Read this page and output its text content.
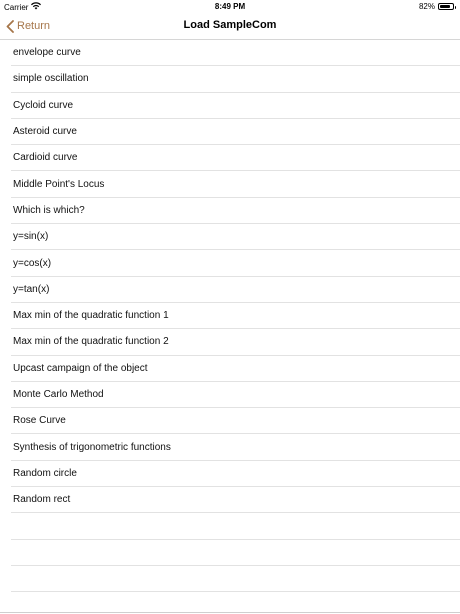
Carrier	8:49 PM	82%
Return	Load SampleCom
envelope curve
simple oscillation
Cycloid curve
Asteroid curve
Cardioid curve
Middle Point's Locus
Which is which?
y=sin(x)
y=cos(x)
y=tan(x)
Max min of the quadratic function 1
Max min of the quadratic function 2
Upcast campaign of the object
Monte Carlo Method
Rose Curve
Synthesis of trigonometric functions
Random circle
Random rect
